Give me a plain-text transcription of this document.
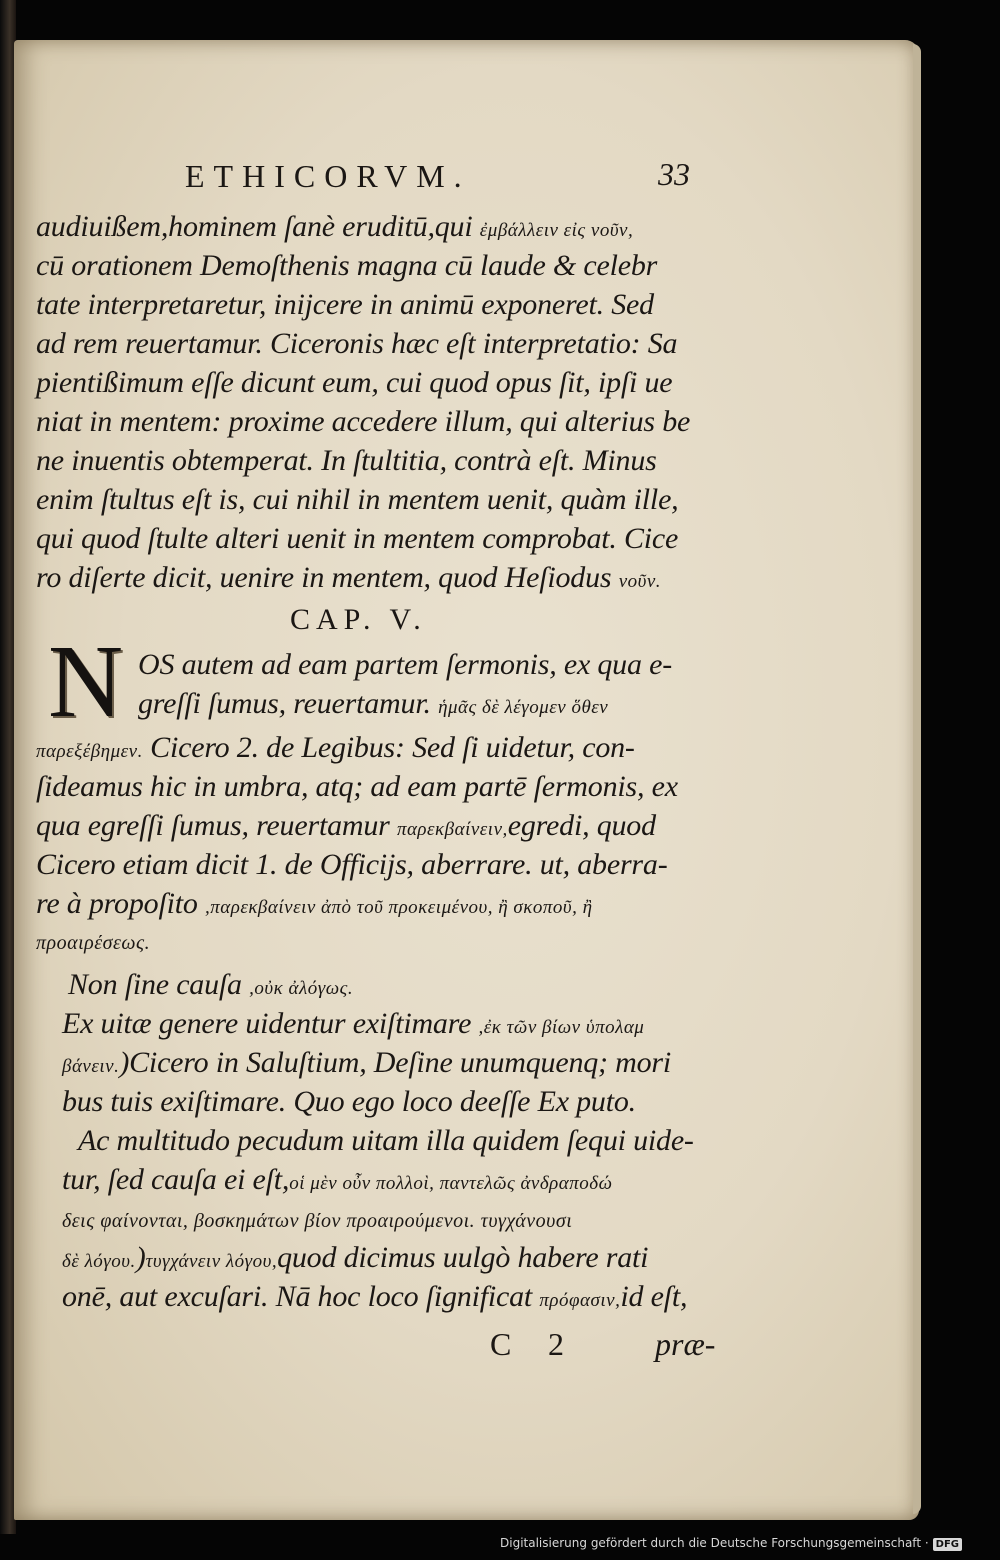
ETHICORVM.	33
audiuißem,hominem ſanè eruditū,qui ἐμβάλλειν εἰς νοῦν,
cū orationem Demoſthenis magna cū laude & celebr
tate interpretaretur, inijcere in animū exponeret. Sed
ad rem reuertamur. Ciceronis hæc eſt interpretatio: Sa
pientißimum eſſe dicunt eum, cui quod opus ſit, ipſi ue
niat in mentem: proxime accedere illum, qui alterius be
ne inuentis obtemperat. In ſtultitia, contrà eſt. Minus
enim ſtultus eſt is, cui nihil in mentem uenit, quàm ille,
qui quod ſtulte alteri uenit in mentem comprobat. Cice
ro diſerte dicit, uenire in mentem, quod Heſiodus νοῦν.
CAP. V.
N OS autem ad eam partem ſermonis, ex qua e-
greſſi ſumus, reuertamur. ἡμᾶς δὲ λέγομεν ὅθεν
παρεξέβημεν. Cicero 2. de Legibus: Sed ſi uidetur, con-
ſideamus hic in umbra, atq; ad eam partē ſermonis, ex
qua egreſſi ſumus, reuertamur παρεκβαίνειν,egredi, quod
Cicero etiam dicit 1. de Officijs, aberrare. ut, aberra-
re à propoſito ,παρεκβαίνειν ἀπὸ τοῦ προκειμένου, ἢ σκοποῦ, ἢ
προαιρέσεως.
Non ſine cauſa ,οὐκ ἀλόγως.
Ex uitæ genere uidentur exiſtimare ,ἐκ τῶν βίων ὑπολαμ
βάνειν.)Cicero in Saluſtium, Deſine unumquenq; mori
bus tuis exiſtimare. Quo ego loco deeſſe Ex puto.
Ac multitudo pecudum uitam illa quidem ſequi uide-
tur, ſed cauſa ei eſt,οἱ μὲν οὖν πολλοὶ, παντελῶς ἀνδραποδώ
δεις φαίνονται, βοσκημάτων βίον προαιρούμενοι. τυγχάνουσι
δὲ λόγου.)τυγχάνειν λόγου,quod dicimus uulgò habere rati
onē, aut excuſari. Nā hoc loco ſignificat πρόφασιν,id eſt,
C 2	præ-
Digitalisierung gefördert durch die Deutsche Forschungsgemeinschaft · DFG
